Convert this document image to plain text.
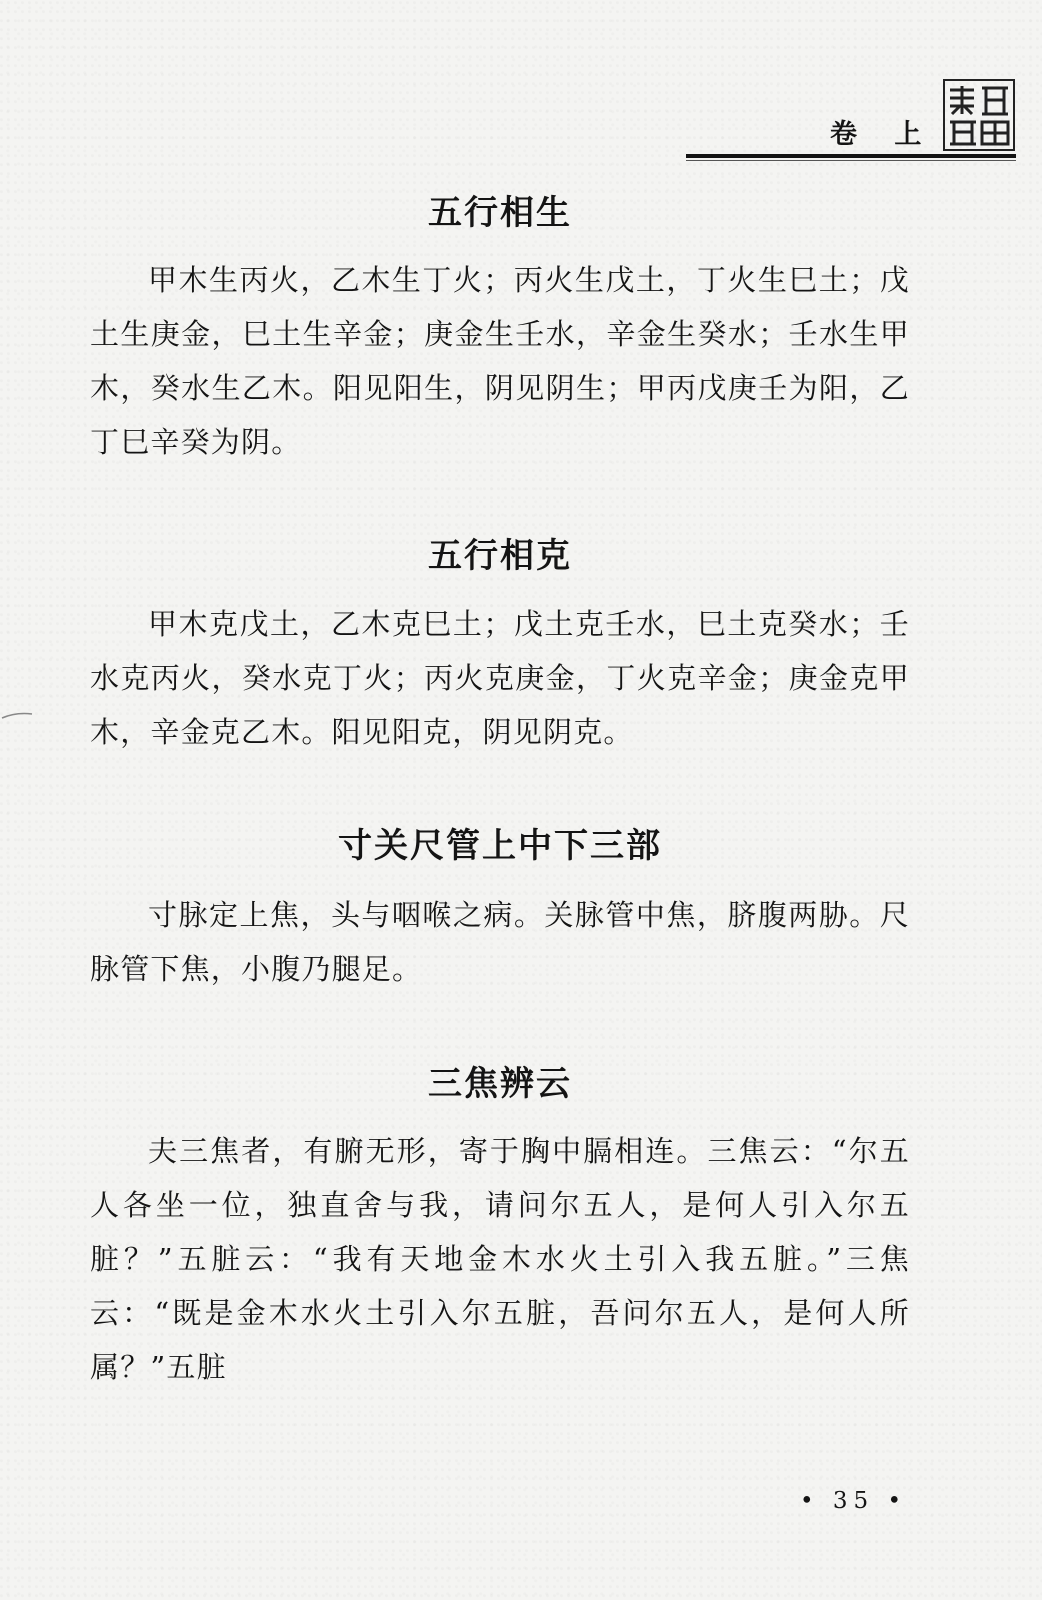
卷 上
五行相生
甲木生丙火，乙木生丁火；丙火生戊土，丁火生巳土；戊土生庚金，巳土生辛金；庚金生壬水，辛金生癸水；壬水生甲木，癸水生乙木。阳见阳生，阴见阴生；甲丙戊庚壬为阳，乙丁巳辛癸为阴。
五行相克
甲木克戊土，乙木克巳土；戊土克壬水，巳土克癸水；壬水克丙火，癸水克丁火；丙火克庚金，丁火克辛金；庚金克甲木，辛金克乙木。阳见阳克，阴见阴克。
寸关尺管上中下三部
寸脉定上焦，头与咽喉之病。关脉管中焦，脐腹两胁。尺脉管下焦，小腹乃腿足。
三焦辨云
夫三焦者，有腑无形，寄于胸中膈相连。三焦云：“尔五人各坐一位，独直舍与我，请问尔五人，是何人引入尔五脏？”五脏云：“我有天地金木水火土引入我五脏。”三焦云：“既是金木水火土引入尔五脏，吾问尔五人，是何人所属？”五脏
• 35 •
